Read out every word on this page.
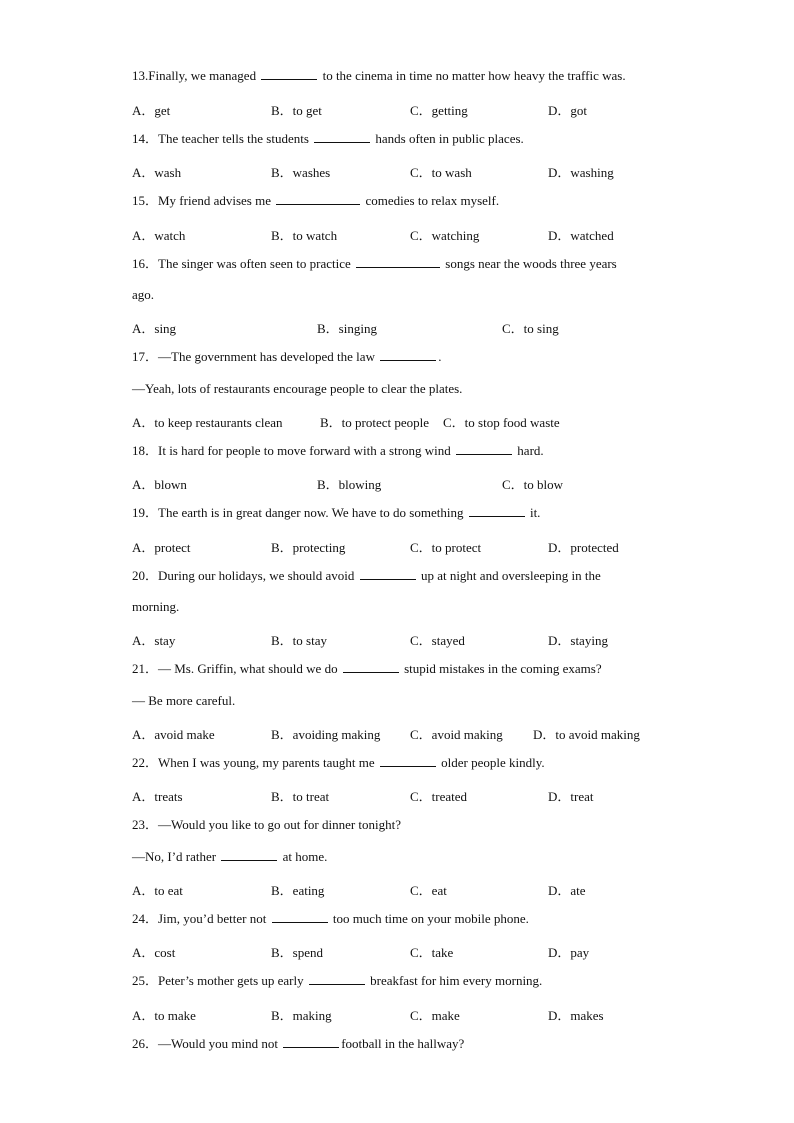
13.Finally, we managed	to the cinema in time no matter how heavy the traffic was.
A．get	B．to get	C．getting	D．got
14．The teacher tells the students	hands often in public places.
A．wash	B．washes	C．to wash	D．washing
15．My friend advises me	comedies to relax myself.
A．watch	B．to watch	C．watching	D．watched
16．The singer was often seen to practice	songs near the woods three years
ago.
A．sing	B．singing	C．to sing
17．—The government has developed the law	.
—Yeah, lots of restaurants encourage people to clear the plates.
A．to keep restaurants clean	B．to protect people C．to stop food waste
18．It is hard for people to move forward with a strong wind	hard.
A．blown	B．blowing	C．to blow
19．The earth is in great danger now. We have to do something	it.
A．protect	B．protecting	C．to protect	D．protected
20．During our holidays, we should avoid	up at night and oversleeping in the
morning.
A．stay	B．to stay	C．stayed	D．staying
21．— Ms. Griffin, what should we do	stupid mistakes in the coming exams?
— Be more careful.
A．avoid make	B．avoiding making C．avoid making D．to avoid making
22．When I was young, my parents taught me	older people kindly.
A．treats	B．to treat	C．treated	D．treat
23．—Would you like to go out for dinner tonight?
—No, I’d rather	at home.
A．to eat	B．eating	C．eat	D．ate
24．Jim, you’d better not	too much time on your mobile phone.
A．cost	B．spend	C．take	D．pay
25．Peter’s mother gets up early	breakfast for him every morning.
A．to make	B．making	C．make	D．makes
26．—Would you mind not	football in the hallway?
